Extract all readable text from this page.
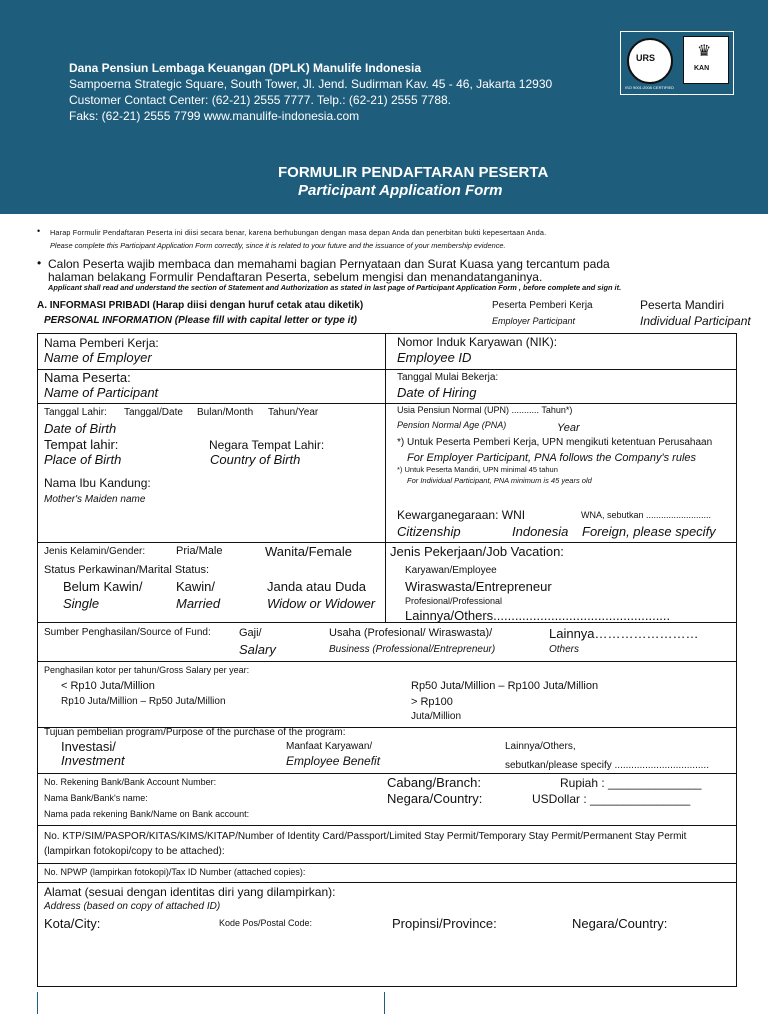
Dana Pensiun Lembaga Keuangan (DPLK) Manulife Indonesia
Sampoerna Strategic Square, South Tower, Jl. Jend. Sudirman Kav. 45 - 46, Jakarta 12930
Customer Contact Center: (62-21) 2555 7777. Telp.: (62-21) 2555 7788.
Faks: (62-21) 2555 7799 www.manulife-indonesia.com
URS	♛
KAN
ISO 9001:2008 CERTIFIED
FORMULIR PENDAFTARAN PESERTA
Participant Application Form
• Harap Formulir Pendaftaran Peserta ini diisi secara benar, karena berhubungan dengan masa depan Anda dan penerbitan bukti kepesertaan Anda.
Please complete this Participant Application Form correctly, since it is related to your future and the issuance of your membership evidence.
• Calon Peserta wajib membaca dan memahami bagian Pernyataan dan Surat Kuasa yang tercantum pada
halaman belakang Formulir Pendaftaran Peserta, sebelum mengisi dan menandatanganinya.
Applicant shall read and understand the section of Statement and Authorization as stated in last page of Participant Application Form , before complete and sign it.
A. INFORMASI PRIBADI (Harap diisi dengan huruf cetak atau diketik)
PERSONAL INFORMATION (Please fill with capital letter or type it)
Peserta Pemberi Kerja
Employer Participant
Peserta Mandiri
Individual Participant
Nama Pemberi Kerja:
Name of Employer
Nomor Induk Karyawan (NIK):
Employee ID
Nama Peserta:
Name of Participant
Tanggal Mulai Bekerja:
Date of Hiring
Tanggal Lahir: Tanggal/Date Bulan/Month Tahun/Year
Date of Birth
Tempat lahir:
Place of Birth
Negara Tempat Lahir:
Country of Birth
Nama Ibu Kandung:
Mother's Maiden name
Usia Pensiun Normal (UPN) ........... Tahun*)
Pension Normal Age (PNA)	Year
*) Untuk Peserta Pemberi Kerja, UPN mengikuti ketentuan Perusahaan
For Employer Participant, PNA follows the Company's rules
*) Untuk Peserta Mandiri, UPN minimal 45 tahun
For Individual Participant, PNA minimum is 45 years old
Kewarganegaraan: WNI	WNA, sebutkan ..........................
Citizenship	Indonesia Foreign, please specify
Jenis Kelamin/Gender:	Pria/Male	Wanita/Female
Status Perkawinan/Marital Status:
Belum Kawin/
Single
Kawin/
Married
Janda atau Duda
Widow or Widower
Jenis Pekerjaan/Job Vacation:
Karyawan/Employee
Wiraswasta/Entrepreneur
Profesional/Professional
Lainnya/Others.................................................
Sumber Penghasilan/Source of Fund:	Gaji/
Salary
Usaha (Profesional/ Wiraswasta)/
Business (Professional/Entrepreneur)
Lainnya……………………
Others
Penghasilan kotor per tahun/Gross Salary per year:
< Rp10 Juta/Million
Rp10 Juta/Million – Rp50 Juta/Million
Rp50 Juta/Million – Rp100 Juta/Million
> Rp100
Juta/Million
Tujuan pembelian program/Purpose of the purchase of the program:
Investasi/
Investment
Manfaat Karyawan/
Employee Benefit
Lainnya/Others,
sebutkan/please specify ..................................
No. Rekening Bank/Bank Account Number:
Nama Bank/Bank's name:
Nama pada rekening Bank/Name on Bank account:
Cabang/Branch:
Negara/Country:
Rupiah : ______________
USDollar : _______________
No. KTP/SIM/PASPOR/KITAS/KIMS/KITAP/Number of Identity Card/Passport/Limited Stay Permit/Temporary Stay Permit/Permanent Stay Permit
(lampirkan fotokopi/copy to be attached):
No. NPWP (lampirkan fotokopi)/Tax ID Number (attached copies):
Alamat (sesuai dengan identitas diri yang dilampirkan):
Address (based on copy of attached ID)
Kota/City:	Kode Pos/Postal Code:	Propinsi/Province:	Negara/Country:
